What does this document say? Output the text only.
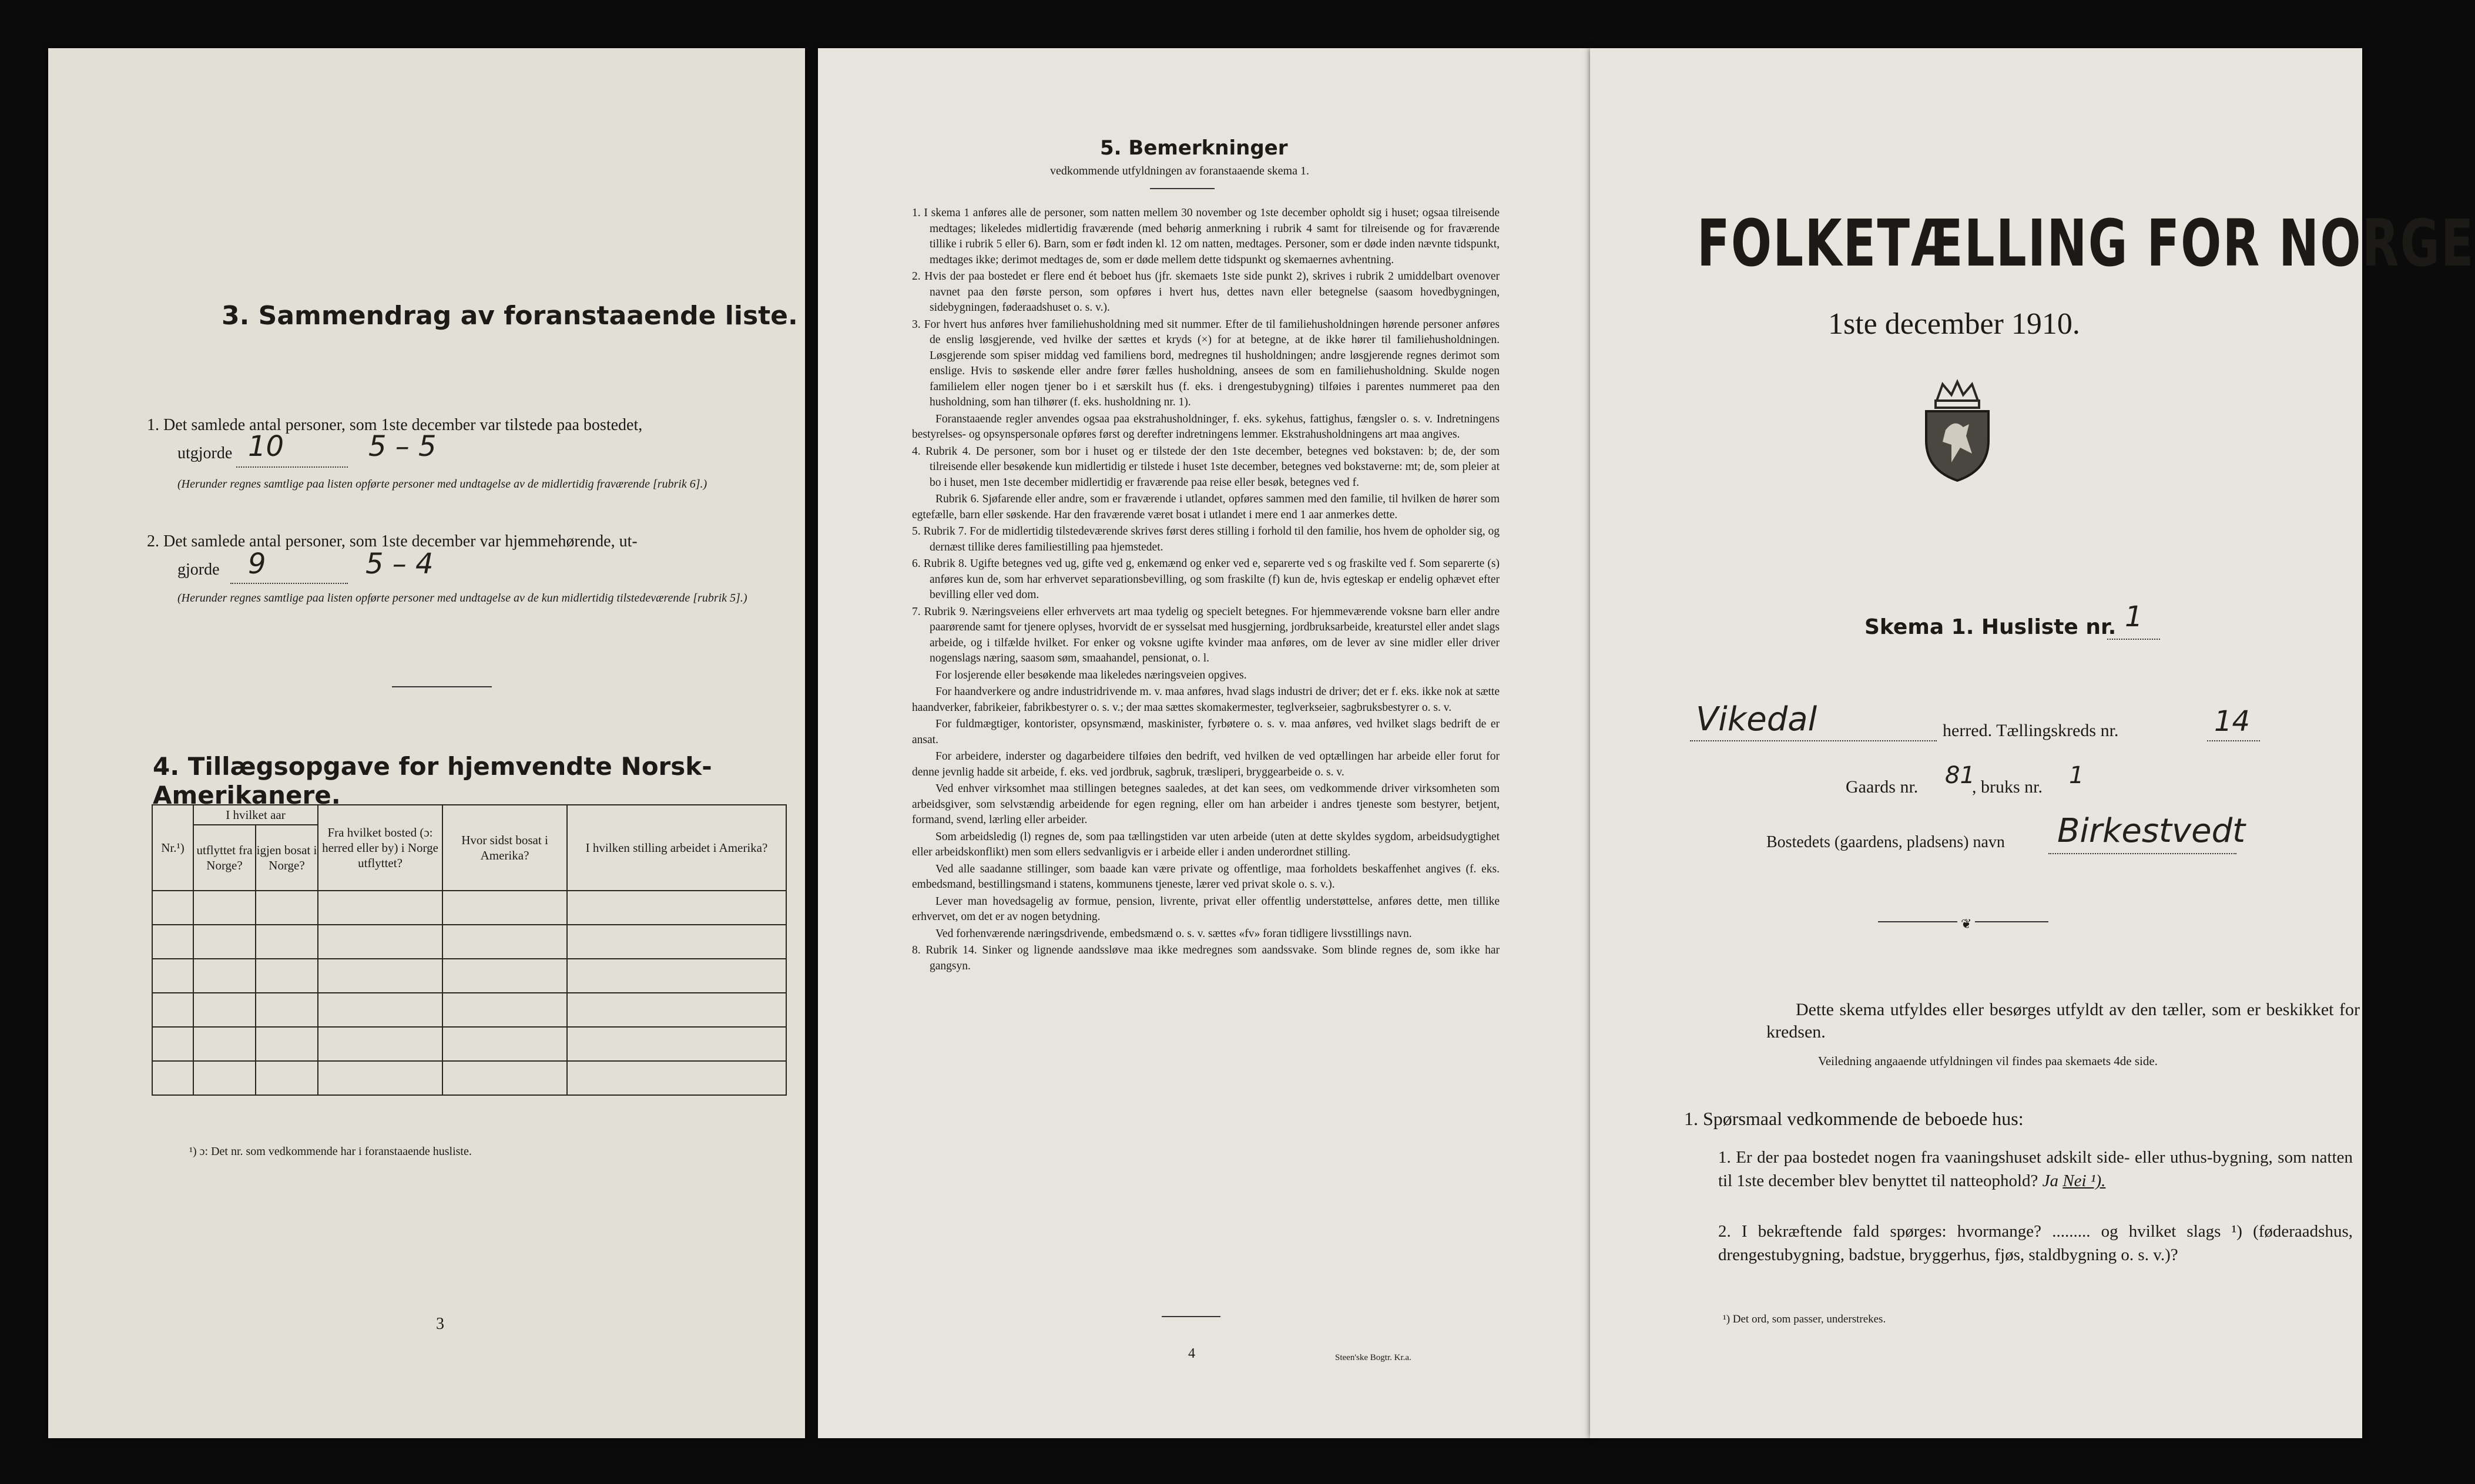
3. Sammendrag av foranstaaende liste.
1. Det samlede antal personer, som 1ste december var tilstede paa bostedet,
utgjorde 10	5 – 5
(Herunder regnes samtlige paa listen opførte personer med undtagelse av de midlertidig fraværende [rubrik 6].)
2. Det samlede antal personer, som 1ste december var hjemmehørende, ut-
gjorde 9	5 – 4
(Herunder regnes samtlige paa listen opførte personer med undtagelse av de kun midlertidig tilstedeværende [rubrik 5].)
4. Tillægsopgave for hjemvendte Norsk-Amerikanere.
Nr.¹)	I hvilket aar		Fra hvilket bosted (ɔ: herred eller by) i Norge utflyttet?	Hvor sidst bosat i Amerika?	I hvilken stilling arbeidet i Amerika?
	utflyttet fra Norge?	igjen bosat i Norge?			

¹) ɔ: Det nr. som vedkommende har i foranstaaende husliste.
3
5. Bemerkninger
vedkommende utfyldningen av foranstaaende skema 1.

1. I skema 1 anføres alle de personer, som natten mellem 30 november og 1ste december opholdt sig i huset; ogsaa tilreisende medtages; likeledes midlertidig fraværende (med behørig anmerkning i rubrik 4 samt for tilreisende og for fraværende tillike i rubrik 5 eller 6). Barn, som er født inden kl. 12 om natten, medtages. Personer, som er døde inden nævnte tidspunkt, medtages ikke; derimot medtages de, som er døde mellem dette tidspunkt og skemaernes avhentning.

2. Hvis der paa bostedet er flere end ét beboet hus (jfr. skemaets 1ste side punkt 2), skrives i rubrik 2 umiddelbart ovenover navnet paa den første person, som opføres i hvert hus, dettes navn eller betegnelse (saasom hovedbygningen, sidebygningen, føderaadshuset o. s. v.).

3. For hvert hus anføres hver familiehusholdning med sit nummer. Efter de til familiehusholdningen hørende personer anføres de enslig løsgjerende, ved hvilke der sættes et kryds (×) for at betegne, at de ikke hører til familiehusholdningen. Løsgjerende som spiser middag ved familiens bord, medregnes til husholdningen; andre løsgjerende regnes derimot som enslige. Hvis to søskende eller andre fører fælles husholdning, ansees de som en familiehusholdning. Skulde nogen familielem eller nogen tjener bo i et særskilt hus (f. eks. i drengestubygning) tilføies i parentes nummeret paa den husholdning, som han tilhører (f. eks. husholdning nr. 1).

Foranstaaende regler anvendes ogsaa paa ekstrahusholdninger, f. eks. sykehus, fattighus, fængsler o. s. v. Indretningens bestyrelses- og opsynspersonale opføres først og derefter indretningens lemmer. Ekstrahusholdningens art maa angives.

4. Rubrik 4. De personer, som bor i huset og er tilstede der den 1ste december, betegnes ved bokstaven: b; de, der som tilreisende eller besøkende kun midlertidig er tilstede i huset 1ste december, betegnes ved bokstaverne: mt; de, som pleier at bo i huset, men 1ste december midlertidig er fraværende paa reise eller besøk, betegnes ved f.

Rubrik 6. Sjøfarende eller andre, som er fraværende i utlandet, opføres sammen med den familie, til hvilken de hører som egtefælle, barn eller søskende. Har den fraværende været bosat i utlandet i mere end 1 aar anmerkes dette.

5. Rubrik 7. For de midlertidig tilstedeværende skrives først deres stilling i forhold til den familie, hos hvem de opholder sig, og dernæst tillike deres familiestilling paa hjemstedet.

6. Rubrik 8. Ugifte betegnes ved ug, gifte ved g, enkemænd og enker ved e, separerte ved s og fraskilte ved f. Som separerte (s) anføres kun de, som har erhvervet separationsbevilling, og som fraskilte (f) kun de, hvis egteskap er endelig ophævet efter bevilling eller ved dom.

7. Rubrik 9. Næringsveiens eller erhvervets art maa tydelig og specielt betegnes. For hjemmeværende voksne barn eller andre paarørende samt for tjenere oplyses, hvorvidt de er sysselsat med husgjerning, jordbruksarbeide, kreaturstel eller andet slags arbeide, og i tilfælde hvilket. For enker og voksne ugifte kvinder maa anføres, om de lever av sine midler eller driver nogenslags næring, saasom søm, smaahandel, pensionat, o. l.

For losjerende eller besøkende maa likeledes næringsveien opgives.

For haandverkere og andre industridrivende m. v. maa anføres, hvad slags industri de driver; det er f. eks. ikke nok at sætte haandverker, fabrikeier, fabrikbestyrer o. s. v.; der maa sættes skomakermester, teglverkseier, sagbruksbestyrer o. s. v.

For fuldmægtiger, kontorister, opsynsmænd, maskinister, fyrbøtere o. s. v. maa anføres, ved hvilket slags bedrift de er ansat.

For arbeidere, inderster og dagarbeidere tilføies den bedrift, ved hvilken de ved optællingen har arbeide eller forut for denne jevnlig hadde sit arbeide, f. eks. ved jordbruk, sagbruk, træsliperi, bryggearbeide o. s. v.

Ved enhver virksomhet maa stillingen betegnes saaledes, at det kan sees, om vedkommende driver virksomheten som arbeidsgiver, som selvstændig arbeidende for egen regning, eller om han arbeider i andres tjeneste som bestyrer, betjent, formand, svend, lærling eller arbeider.

Som arbeidsledig (l) regnes de, som paa tællingstiden var uten arbeide (uten at dette skyldes sygdom, arbeidsudygtighet eller arbeidskonflikt) men som ellers sedvanligvis er i arbeide eller i anden underordnet stilling.

Ved alle saadanne stillinger, som baade kan være private og offentlige, maa forholdets beskaffenhet angives (f. eks. embedsmand, bestillingsmand i statens, kommunens tjeneste, lærer ved privat skole o. s. v.).

Lever man hovedsagelig av formue, pension, livrente, privat eller offentlig understøttelse, anføres dette, men tillike erhvervet, om det er av nogen betydning.

Ved forhenværende næringsdrivende, embedsmænd o. s. v. sættes «fv» foran tidligere livsstillings navn.

8. Rubrik 14. Sinker og lignende aandssløve maa ikke medregnes som aandssvake. Som blinde regnes de, som ikke har gangsyn.

4	Steen'ske Bogtr. Kr.a.
FOLKETÆLLING FOR NORGE
1ste december 1910.
Skema 1. Husliste nr. 1
Vikedal	herred. Tællingskreds nr.	14
Gaards nr. 81
, bruks nr. 1
Bostedets (gaardens, pladsens) navn Birkestvedt
❦
Dette skema utfyldes eller besørges utfyldt av den tæller, som er beskikket for kredsen.
Veiledning angaaende utfyldningen vil findes paa skemaets 4de side.
1. Spørsmaal vedkommende de beboede hus:
1. Er der paa bostedet nogen fra vaaningshuset adskilt side- eller uthus-bygning, som natten til 1ste december blev benyttet til natteophold? Ja Nei ¹).
2. I bekræftende fald spørges: hvormange? ......... og hvilket slags ¹) (føderaadshus, drengestubygning, badstue, bryggerhus, fjøs, staldbygning o. s. v.)?
¹) Det ord, som passer, understrekes.
